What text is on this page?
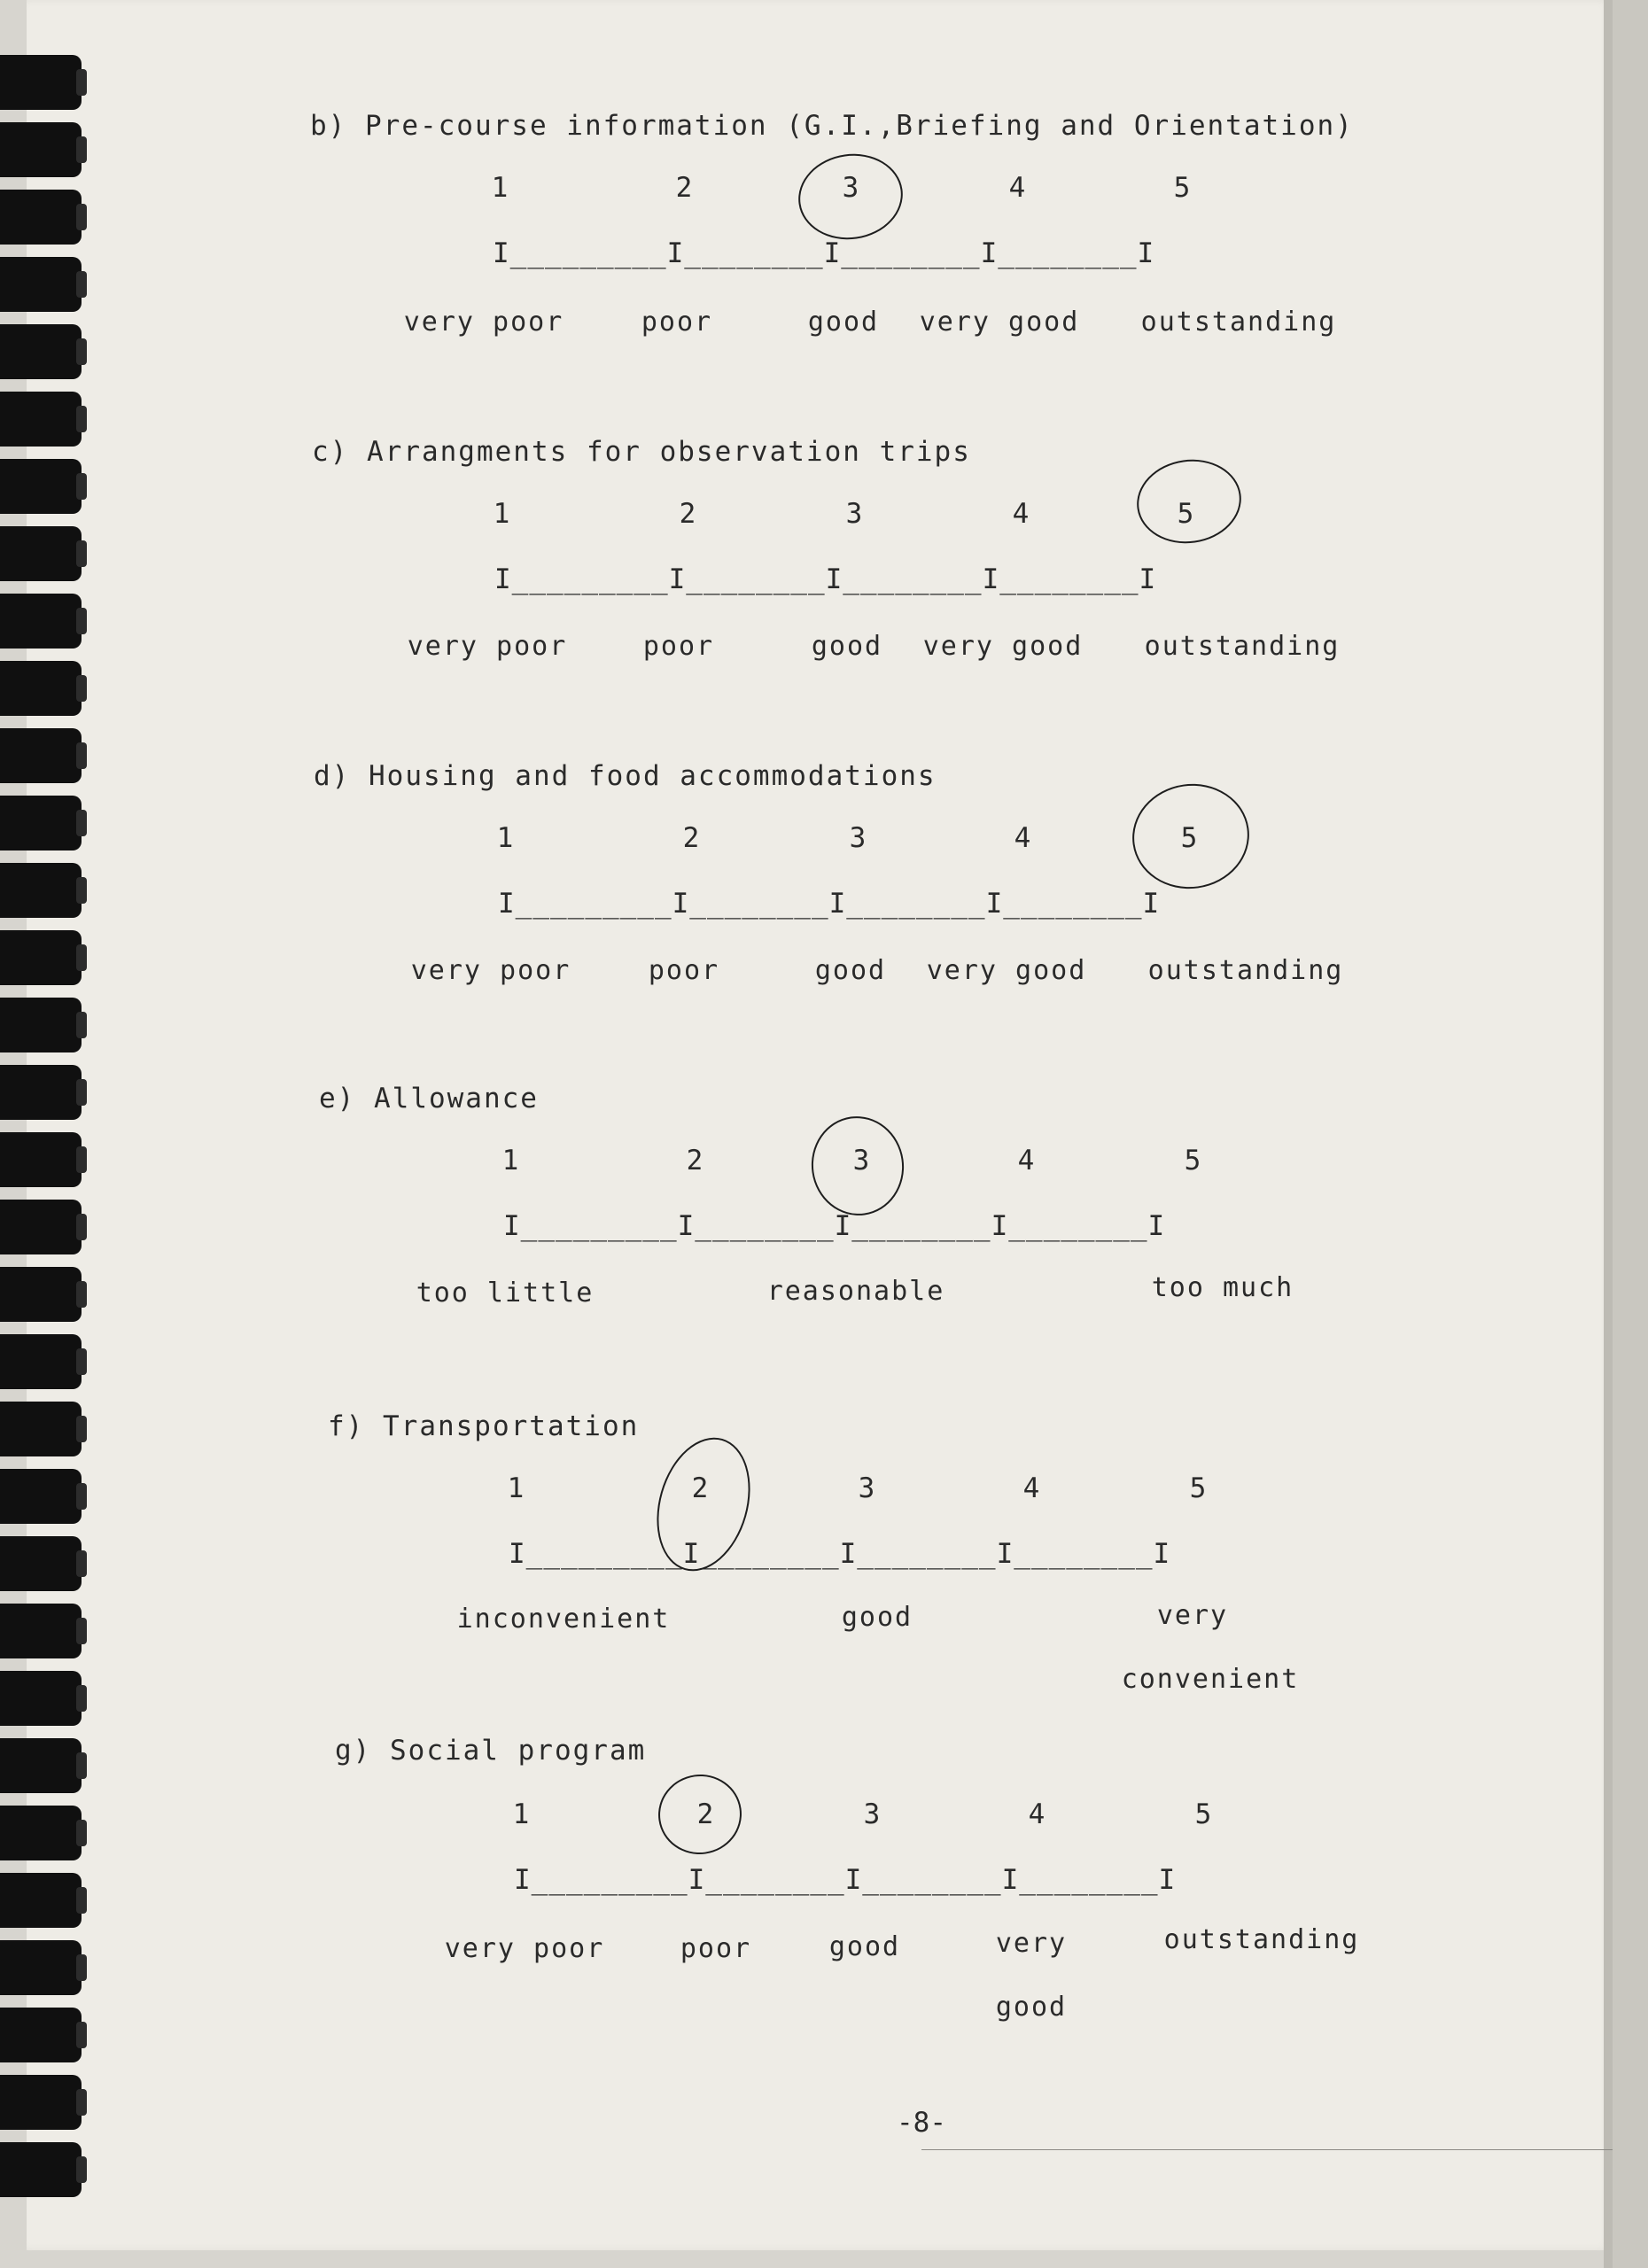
b) Pre-course information (G.I.,Briefing and Orientation)
1	2	3	4	5
I_________I________I________I________I
very poor	poor	good very good outstanding
c) Arrangments for observation trips
1	2	3	4	5
I_________I________I________I________I
very poor	poor	good very good outstanding
d) Housing and food accommodations
1	2	3	4	5
I_________I________I________I________I
very poor	poor	good very good outstanding
e) Allowance
1	2	3	4	5
I_________I________I________I________I
too little	reasonable	too much
f) Transportation
1	2	3	4	5
I_________I________I________I________I
inconvenient	good	very
convenient
g) Social program
1	2	3	4	5
I_________I________I________I________I
very poor	poor	good	very
good
outstanding
-8-
